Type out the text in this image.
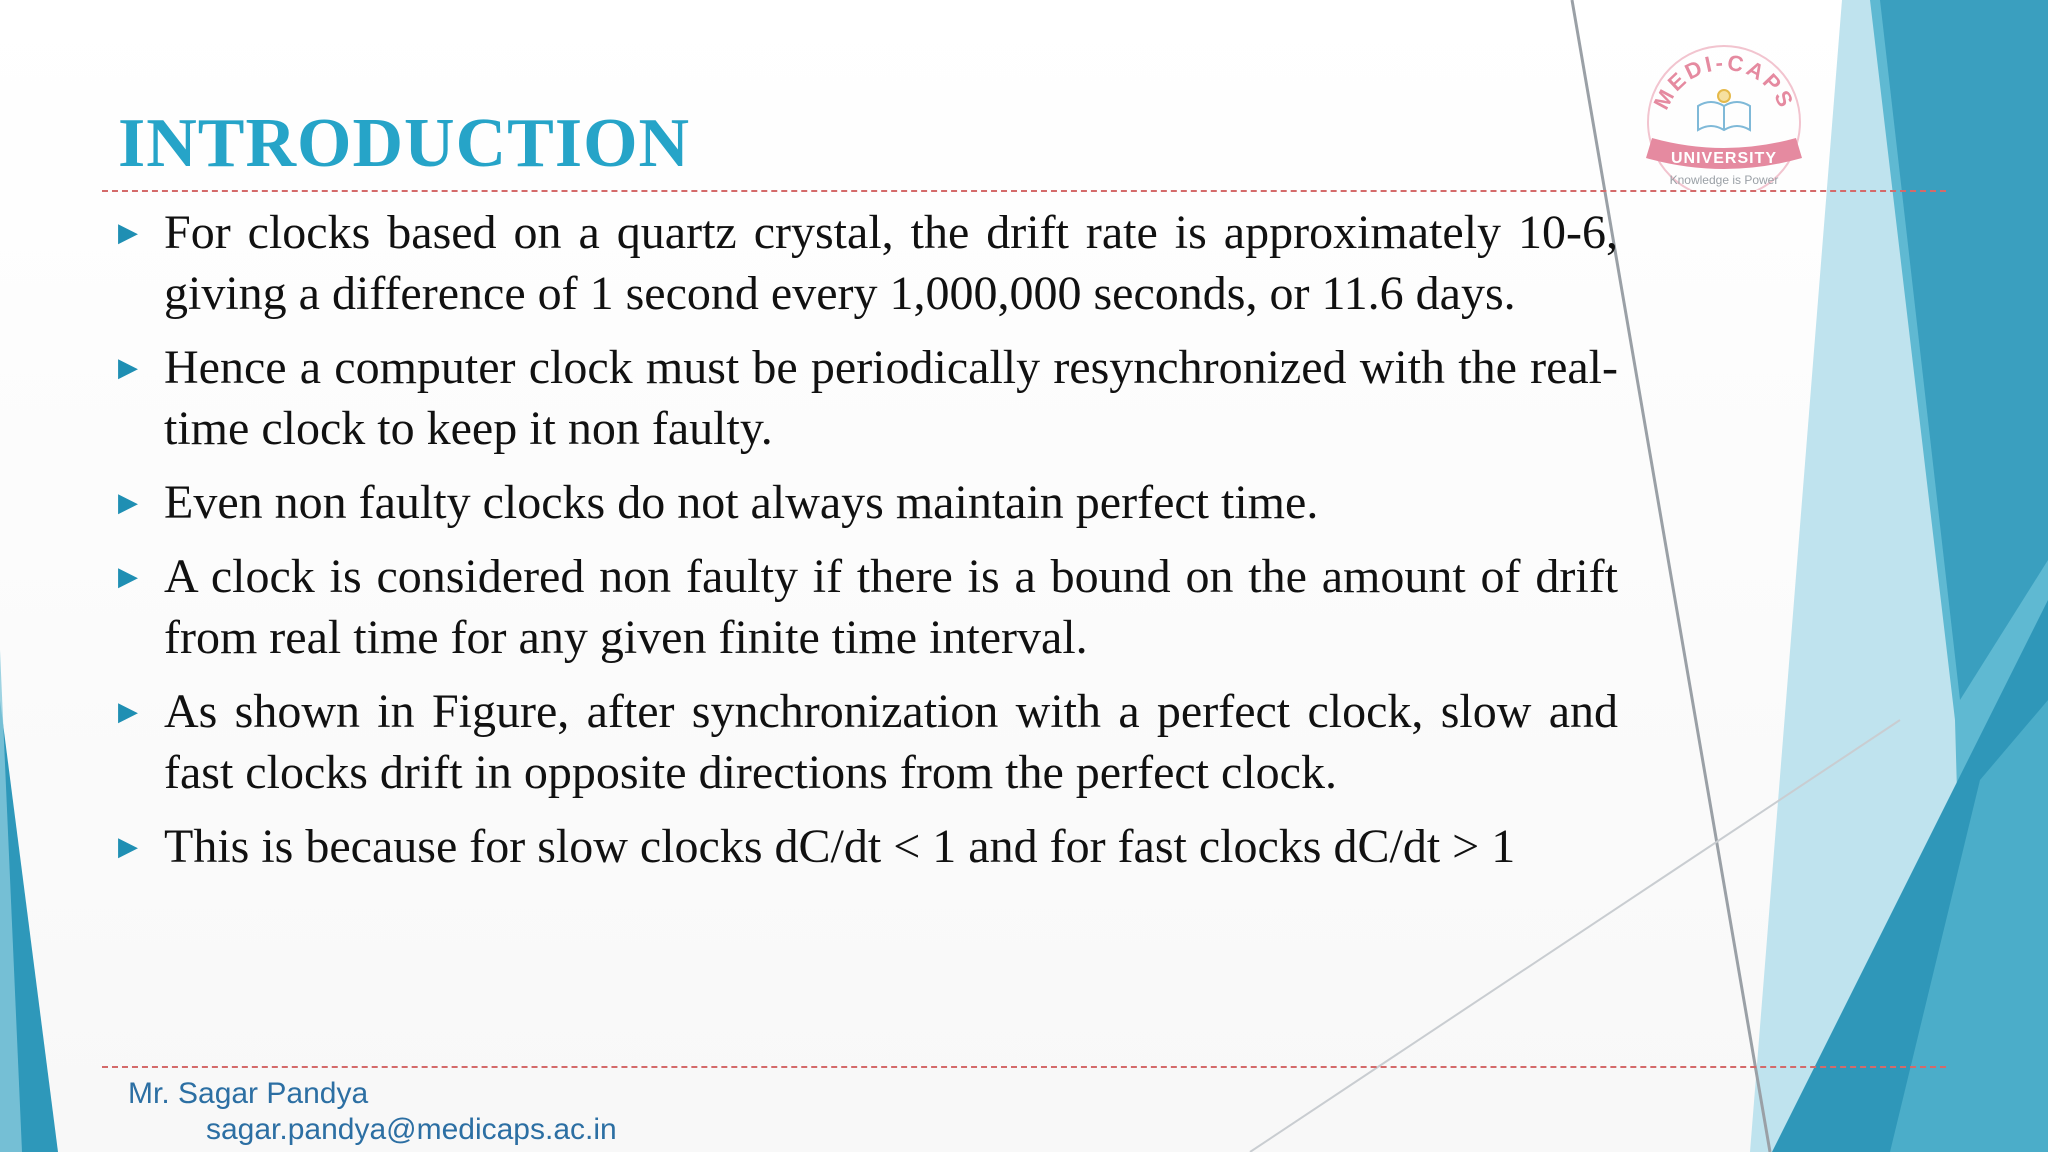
INTRODUCTION
▶ For clocks based on a quartz crystal, the drift rate is approximately 10-6, giving a difference of 1 second every 1,000,000 seconds, or 11.6 days.
▶ Hence a computer clock must be periodically resynchronized with the real-time clock to keep it non faulty.
▶ Even non faulty clocks do not always maintain perfect time.
▶ A clock is considered non faulty if there is a bound on the amount of drift from real time for any given finite time interval.
▶ As shown in Figure, after synchronization with a perfect clock, slow and fast clocks drift in opposite directions from the perfect clock.
▶ This is because for slow clocks dC/dt < 1 and for fast clocks dC/dt > 1
Mr. Sagar Pandya
sagar.pandya@medicaps.ac.in
MEDI-CAPS
UNIVERSITY
Knowledge is Power
